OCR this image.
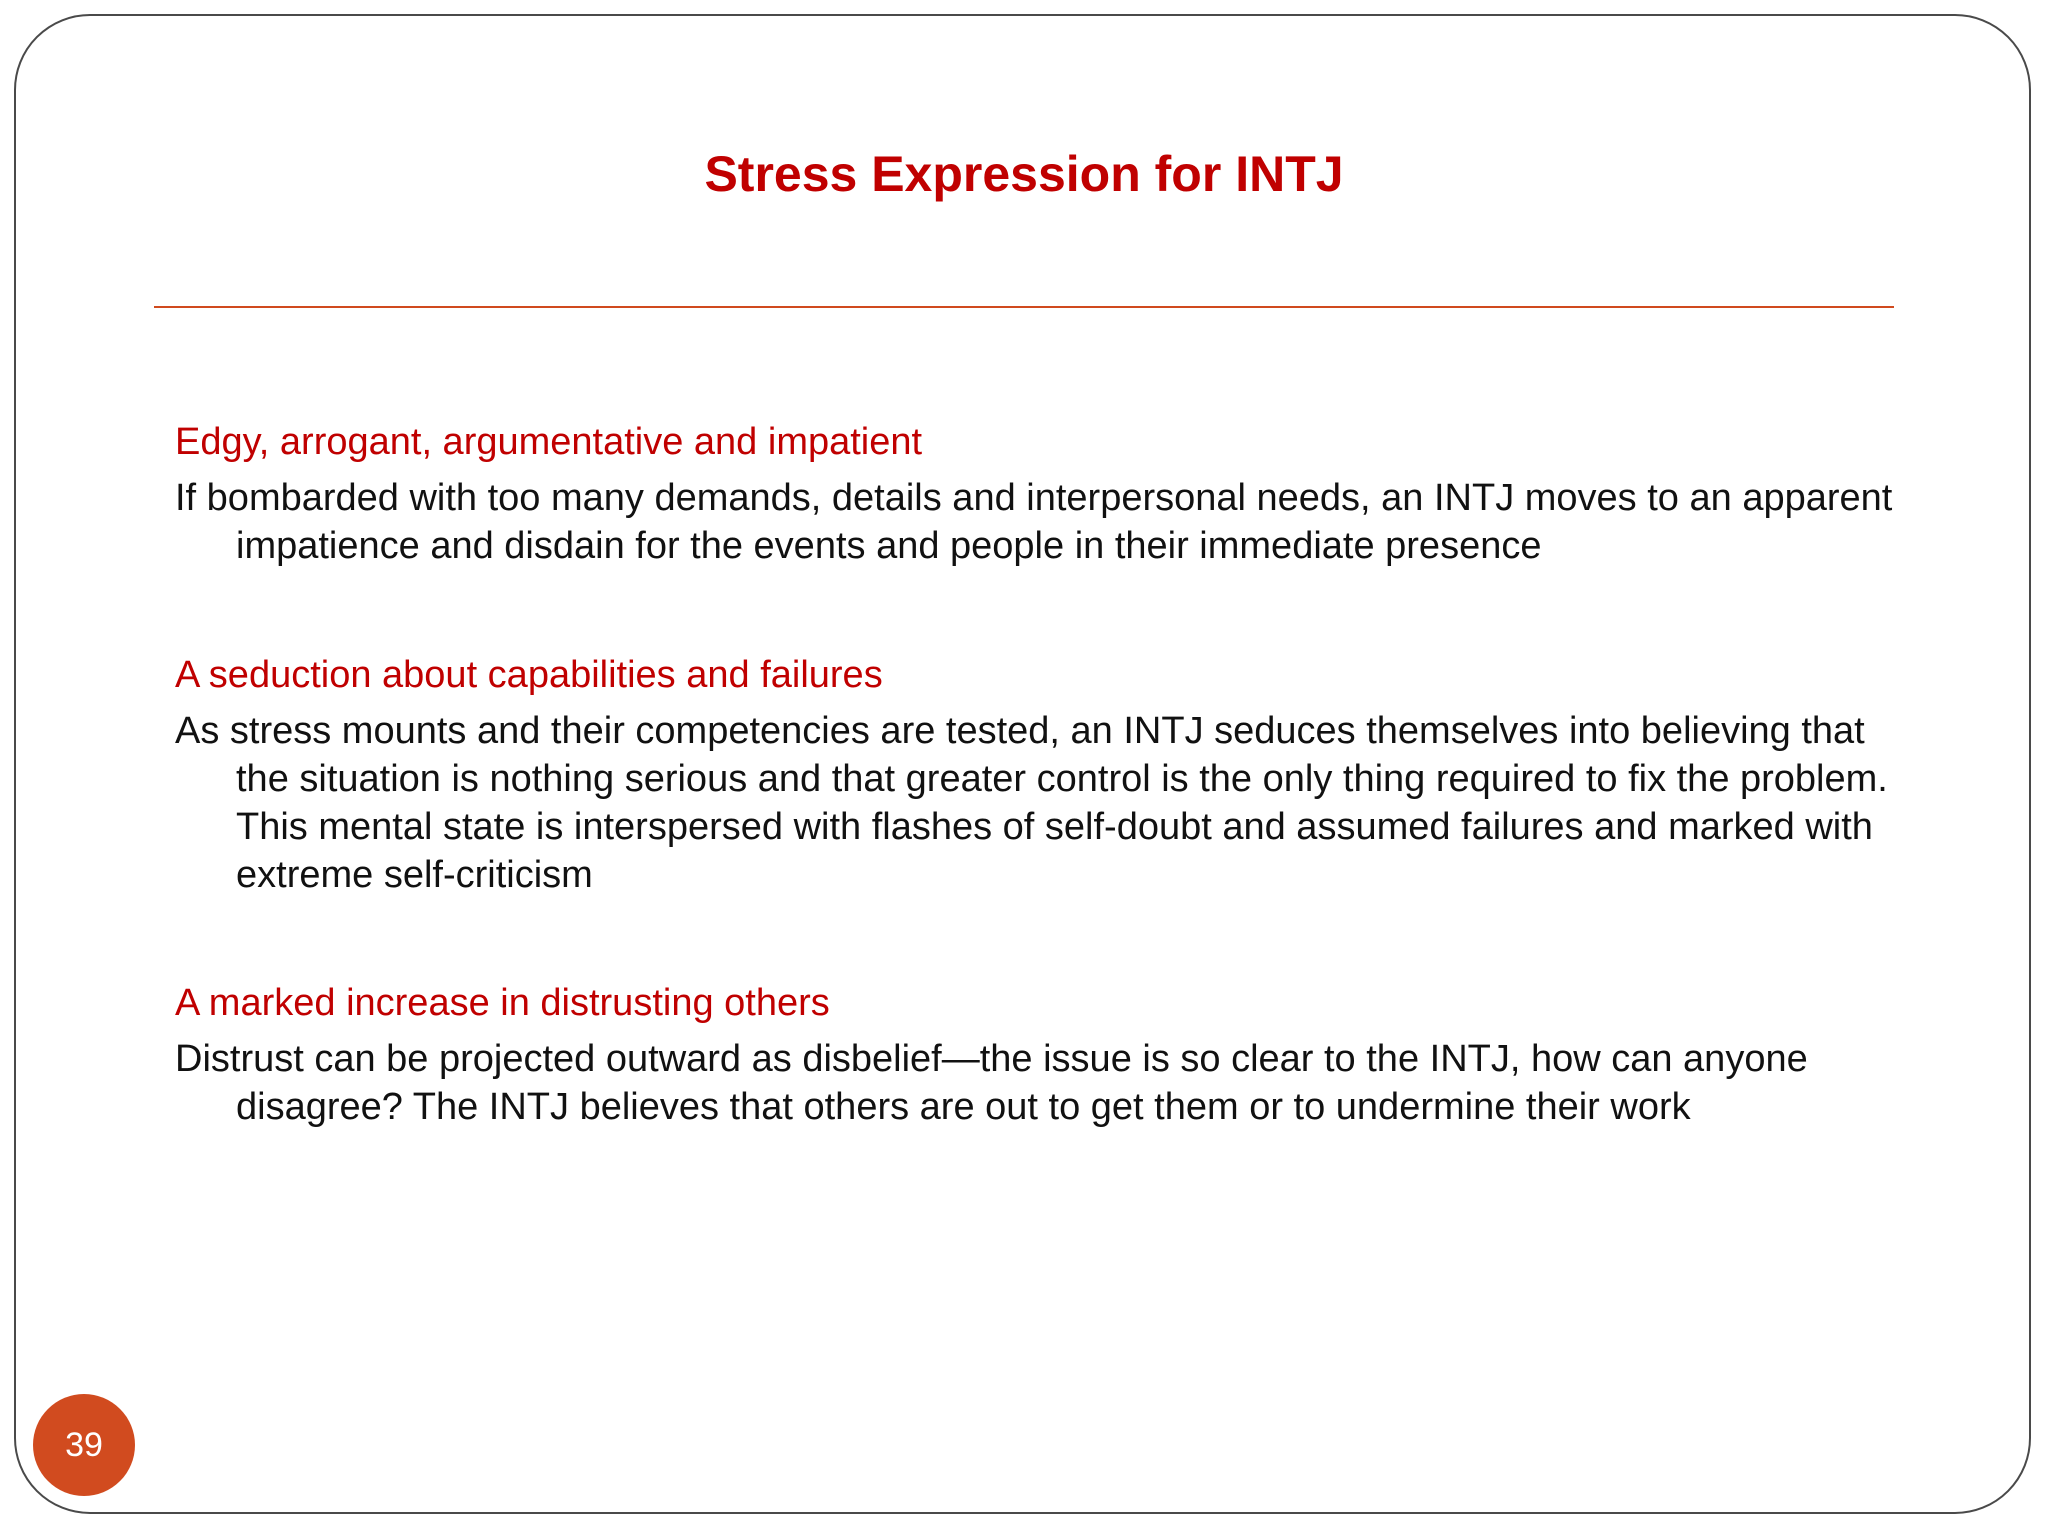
Stress Expression for INTJ

Edgy, arrogant, argumentative and impatient

If bombarded with too many demands, details and interpersonal needs, an INTJ moves to an apparent impatience and disdain for the events and people in their immediate presence

A seduction about capabilities and failures

As stress mounts and their competencies are tested, an INTJ seduces themselves into believing that the situation is nothing serious and that greater control is the only thing required to fix the problem. This mental state is interspersed with flashes of self-doubt and assumed failures and marked with extreme self-criticism

A marked increase in distrusting others

Distrust can be projected outward as disbelief—the issue is so clear to the INTJ, how can anyone disagree? The INTJ believes that others are out to get them or to undermine their work

39
